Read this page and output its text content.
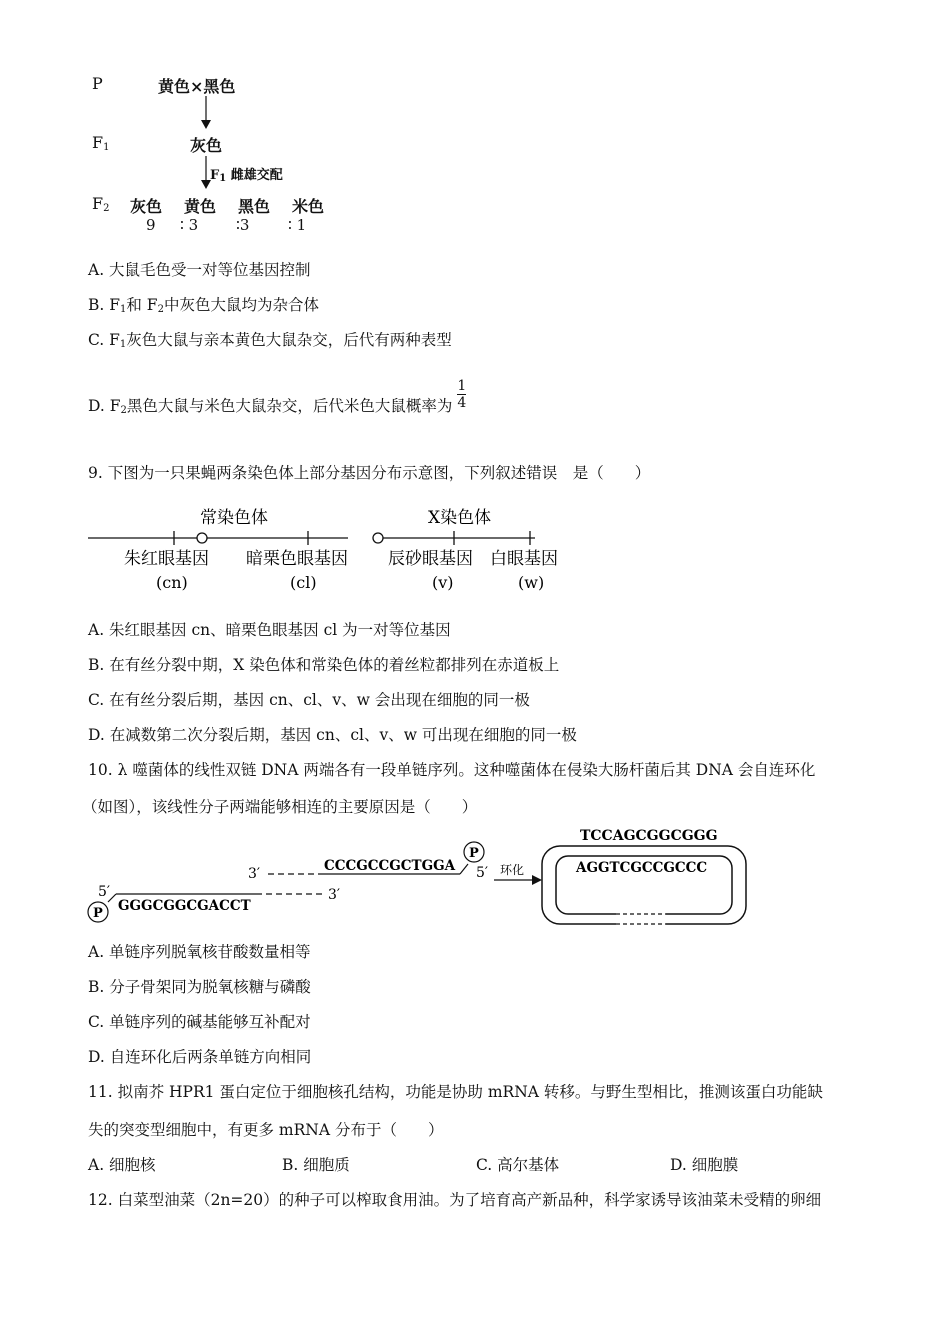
P	黄色×黑色
$F_1$	灰色
$F_1$ 雌雄交配
$F_2$ 灰色 黄色 黑色 米色
9 ∶ 3	∶3	∶ 1
A. 大鼠毛色受一对等位基因控制
B. $F_1$和 $F_2$中灰色大鼠均为杂合体
C. $F_1$灰色大鼠与亲本黄色大鼠杂交，后代有两种表型
D. $F_2$黑色大鼠与米色大鼠杂交，后代米色大鼠概率为 $\frac{1}{4}$
9. 下图为一只果蝇两条染色体上部分基因分布示意图，下列叙述错误　是（　　）
常染色体	X染色体
朱红眼基因 暗栗色眼基因 辰砂眼基因 白眼基因
(cn)	(cl)	(v)	(w)
A. 朱红眼基因 cn、暗栗色眼基因 cl 为一对等位基因
B. 在有丝分裂中期，X 染色体和常染色体的着丝粒都排列在赤道板上
C. 在有丝分裂后期，基因 cn、cl、v、w 会出现在细胞的同一极
D. 在减数第二次分裂后期，基因 cn、cl、v、w 可出现在细胞的同一极
10. λ 噬菌体的线性双链 DNA 两端各有一段单链序列。这种噬菌体在侵染大肠杆菌后其 DNA 会自连环化
（如图），该线性分子两端能够相连的主要原因是（　　）
3′	CCCGCCGCTGGA
P
5′
5′
P GGGCGGCGACCT
3′
环化
TCCAGCGGCGGG
AGGTCGCCGCCC
A. 单链序列脱氧核苷酸数量相等
B. 分子骨架同为脱氧核糖与磷酸
C. 单链序列的碱基能够互补配对
D. 自连环化后两条单链方向相同
11. 拟南芥 HPR1 蛋白定位于细胞核孔结构，功能是协助 mRNA 转移。与野生型相比，推测该蛋白功能缺
失的突变型细胞中，有更多 mRNA 分布于（　　）
A. 细胞核	B. 细胞质	C. 高尔基体	D. 细胞膜
12. 白菜型油菜（2n=20）的种子可以榨取食用油。为了培育高产新品种，科学家诱导该油菜未受精的卵细
